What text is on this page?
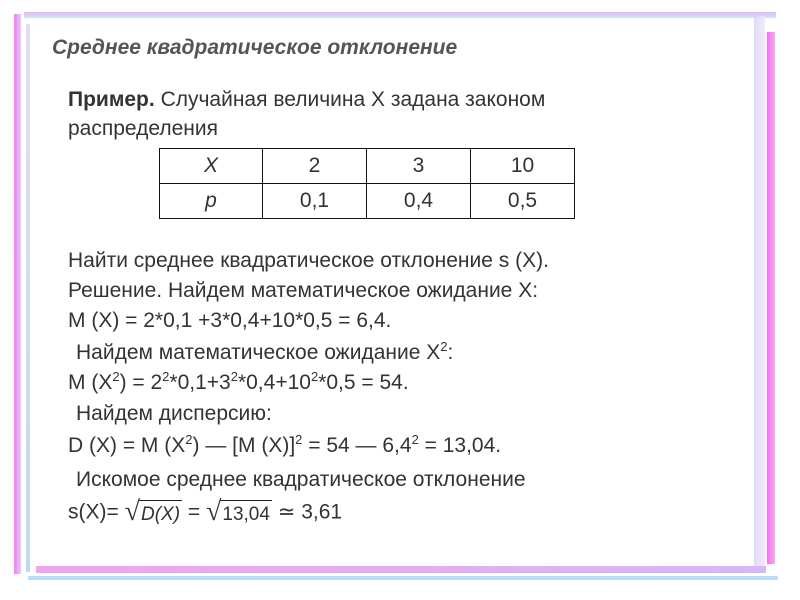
Среднее квадратическое отклонение
Пример. Случайная величина X задана законом
распределения
X	2	3	10
p	0,1	0,4	0,5
Найти среднее квадратическое отклонение s (X).
Решение. Найдем математическое ожидание X:
M (X) = 2*0,1 +3*0,4+10*0,5 = 6,4.
Найдем математическое ожидание $X^2$:
M $(X^2) = 2^2*0,1+3^2*0,4+10^2*0,5 = 54$.
Найдем дисперсию:
D (X) = M $(X^2)$ — [M (X)]$^2$ = 54 — $6,4^2 = 13,04$.
Искомое среднее квадратическое отклонение
s(X)= √D(X) = √13,04 ≃ 3,61
